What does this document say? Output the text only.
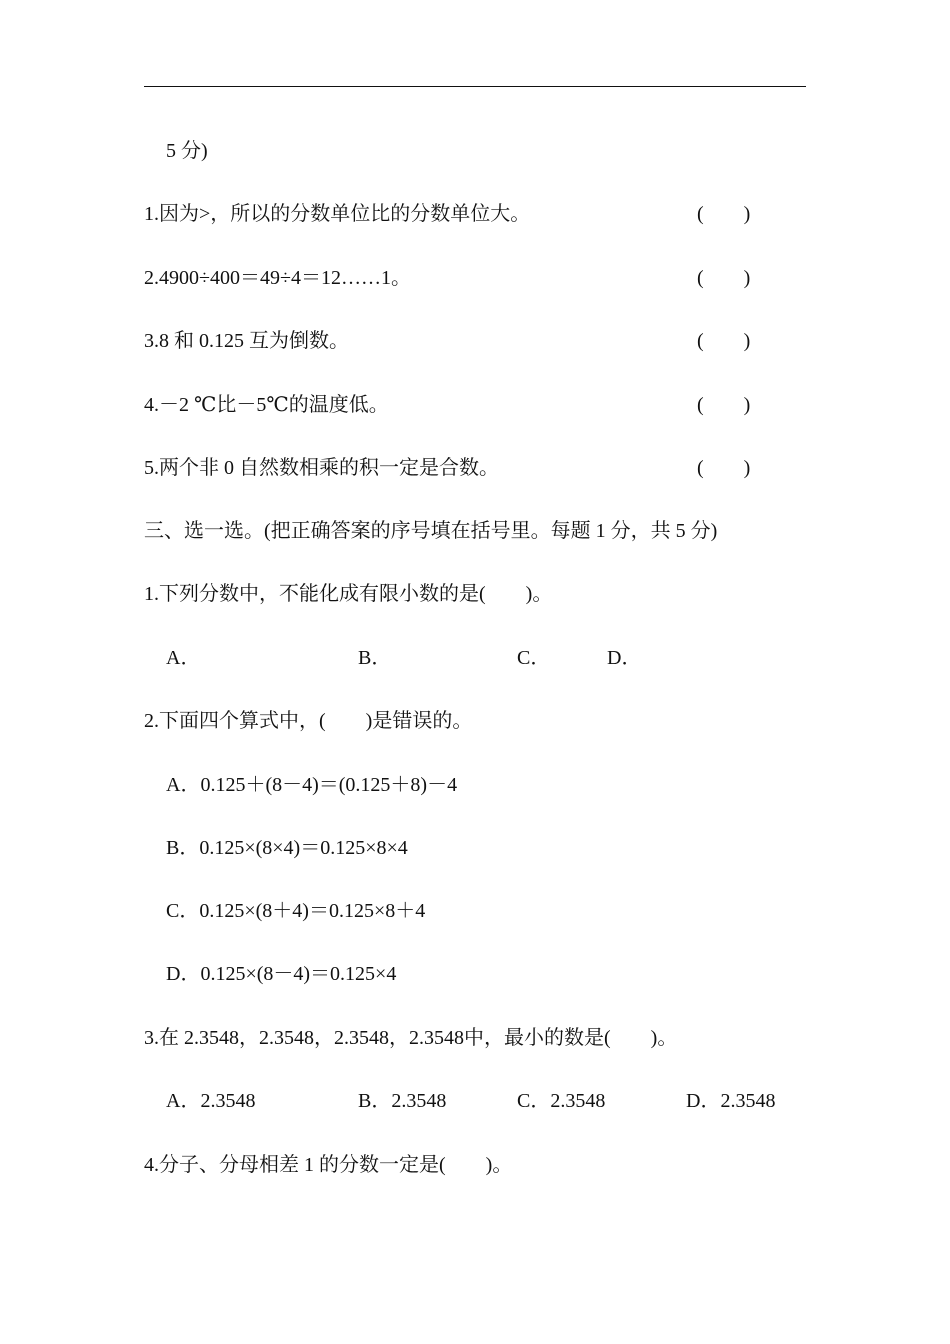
5 分)
1.因为>，所以的分数单位比的分数单位大。	(　　)
2.4900÷400＝49÷4＝12……1。	(　　)
3.8 和 0.125 互为倒数。	(　　)
4.－2 ℃比－5℃的温度低。	(　　)
5.两个非 0 自然数相乘的积一定是合数。	(　　)
三、选一选。(把正确答案的序号填在括号里。每题 1 分，共 5 分)
1.下列分数中，不能化成有限小数的是(　　)。
A．	B．	C．	D．
2.下面四个算式中，(　　)是错误的。
A．0.125＋(8－4)＝(0.125＋8)－4
B．0.125×(8×4)＝0.125×8×4
C．0.125×(8＋4)＝0.125×8＋4
D．0.125×(8－4)＝0.125×4
3.在 2.3548，2.3548，2.3548，2.3548中，最小的数是(　　)。
A．2.3548	B．2.3548	C．2.3548	D．2.3548
4.分子、分母相差 1 的分数一定是(　　)。
